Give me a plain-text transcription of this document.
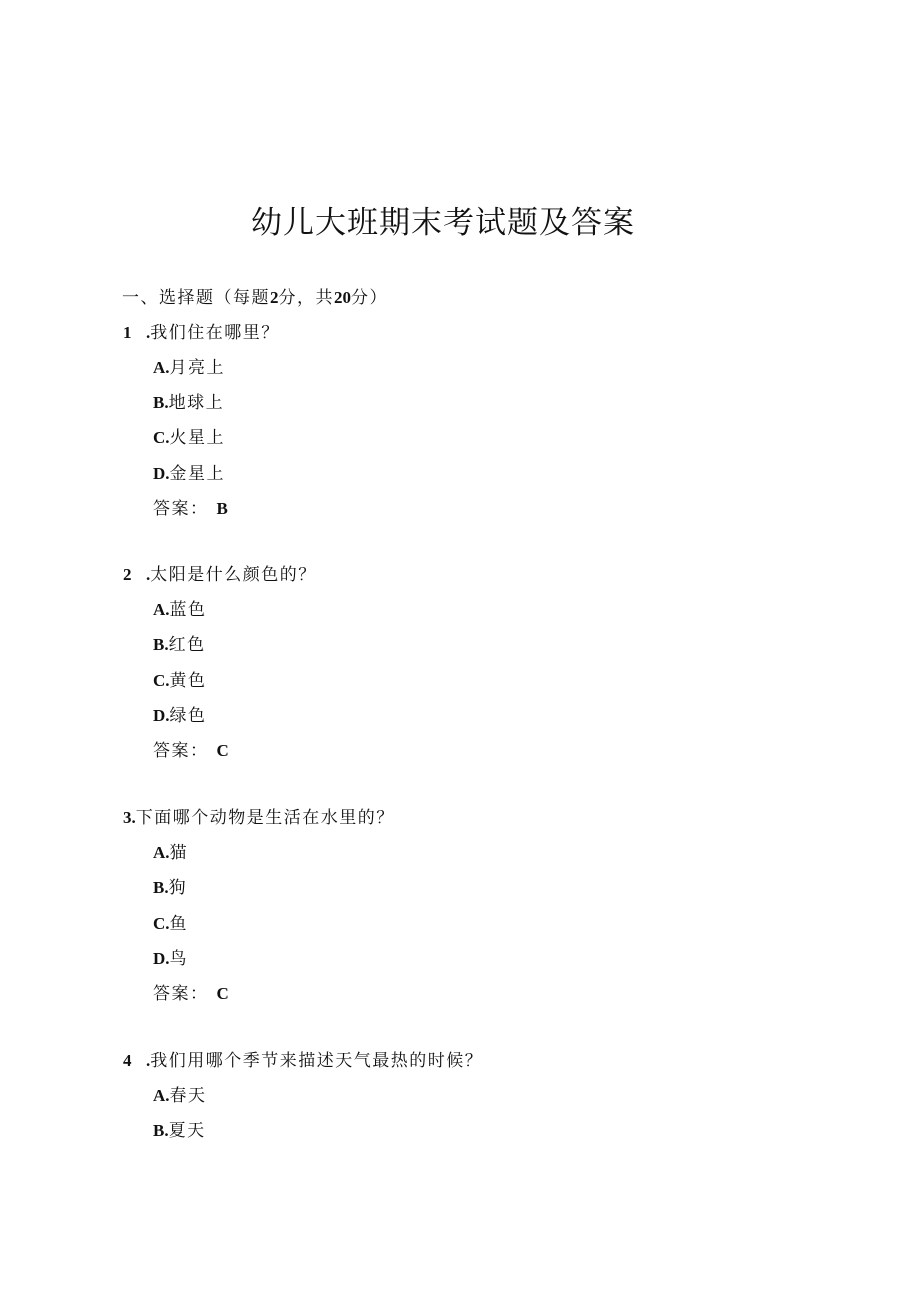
幼儿大班期末考试题及答案
一、选择题（每题2分，共20分）
1 .我们住在哪里？
A.月亮上
B.地球上
C.火星上
D.金星上
答案： B
2 .太阳是什么颜色的？
A.蓝色
B.红色
C.黄色
D.绿色
答案： C
3.下面哪个动物是生活在水里的？
A.猫
B.狗
C.鱼
D.鸟
答案： C
4 .我们用哪个季节来描述天气最热的时候？
A.春天
B.夏天
